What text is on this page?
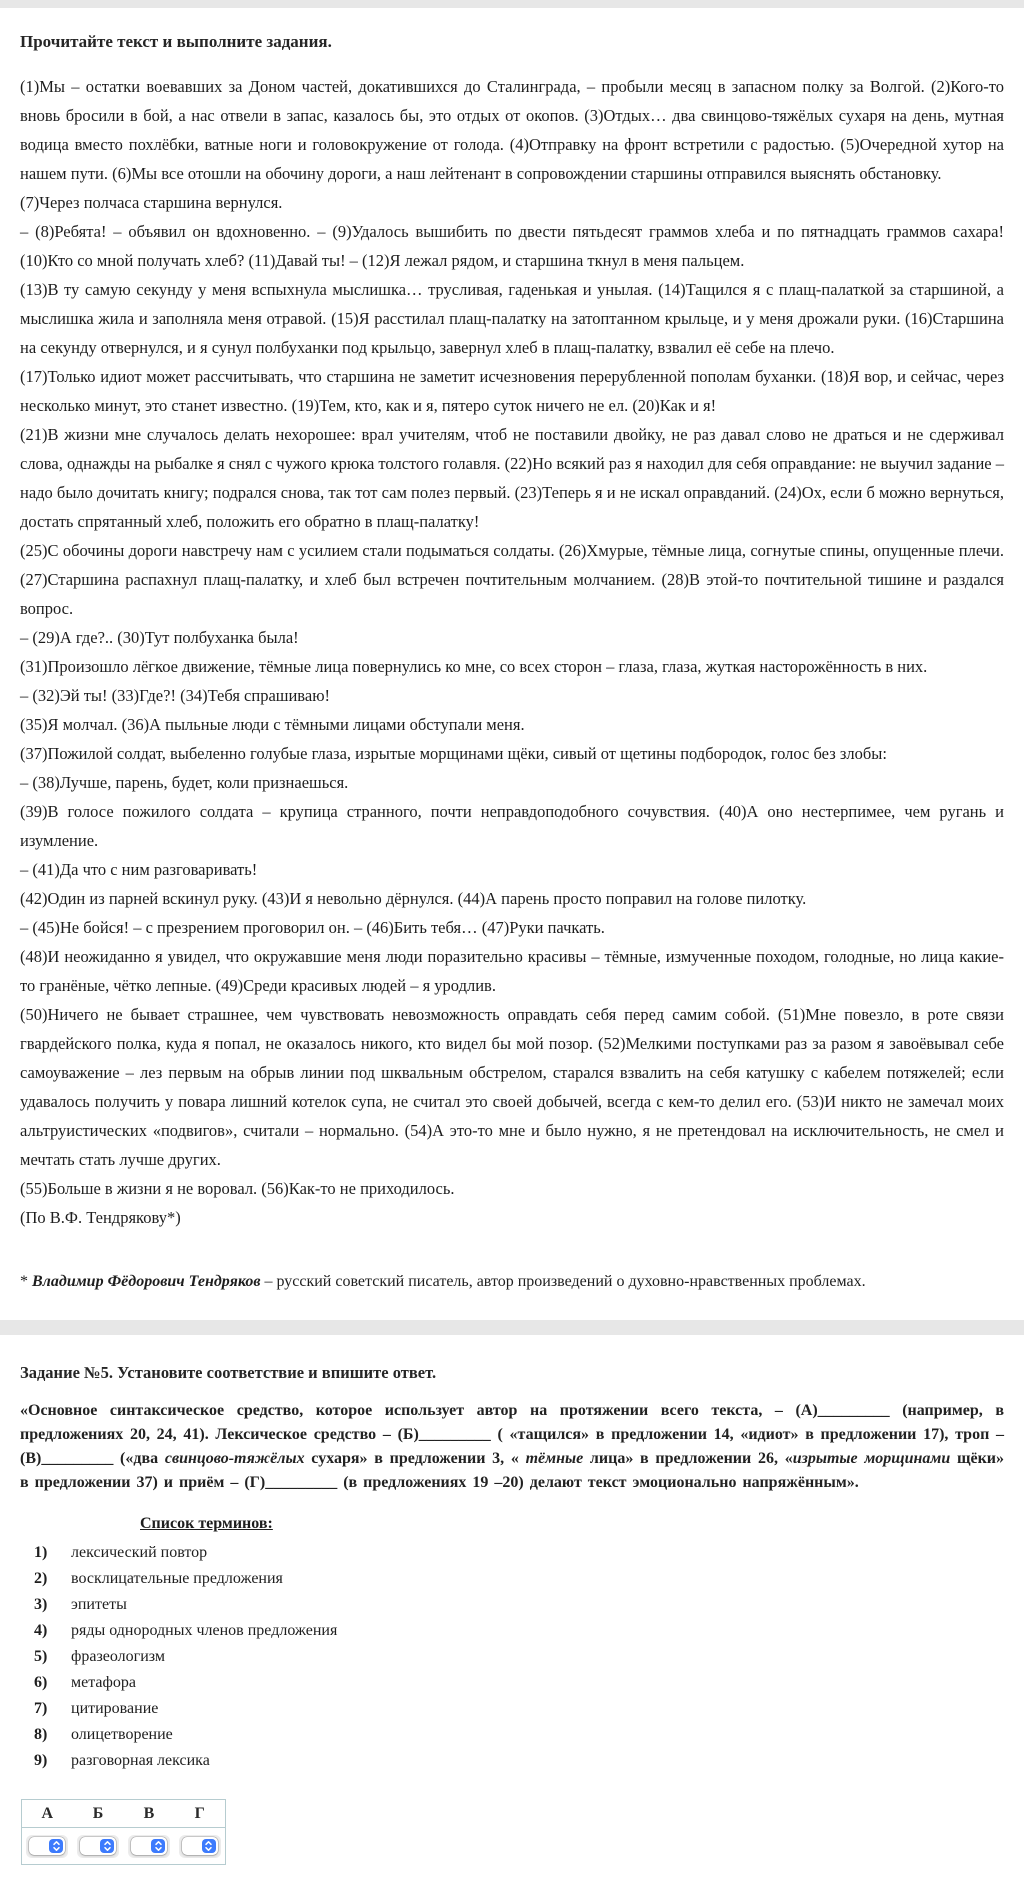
Прочитайте текст и выполните задания.

(1)Мы – остатки воевавших за Доном частей, докатившихся до Сталинграда, – пробыли месяц в запасном полку за Волгой. (2)Кого-то вновь бросили в бой, а нас отвели в запас, казалось бы, это отдых от окопов. (3)Отдых… два свинцово-тяжёлых сухаря на день, мутная водица вместо похлёбки, ватные ноги и головокружение от голода. (4)Отправку на фронт встретили с радостью. (5)Очередной хутор на нашем пути. (6)Мы все отошли на обочину дороги, а наш лейтенант в сопровождении старшины отправился выяснять обстановку.

(7)Через полчаса старшина вернулся.

– (8)Ребята! – объявил он вдохновенно. – (9)Удалось вышибить по двести пятьдесят граммов хлеба и по пятнадцать граммов сахара! (10)Кто со мной получать хлеб? (11)Давай ты! – (12)Я лежал рядом, и старшина ткнул в меня пальцем.

(13)В ту самую секунду у меня вспыхнула мыслишка… трусливая, гаденькая и унылая. (14)Тащился я с плащ-палаткой за старшиной, а мыслишка жила и заполняла меня отравой. (15)Я расстилал плащ-палатку на затоптанном крыльце, и у меня дрожали руки. (16)Старшина на секунду отвернулся, и я сунул полбуханки под крыльцо, завернул хлеб в плащ-палатку, взвалил её себе на плечо.

(17)Только идиот может рассчитывать, что старшина не заметит исчезновения перерубленной пополам буханки. (18)Я вор, и сейчас, через несколько минут, это станет известно. (19)Тем, кто, как и я, пятеро суток ничего не ел. (20)Как и я!

(21)В жизни мне случалось делать нехорошее: врал учителям, чтоб не поставили двойку, не раз давал слово не драться и не сдерживал слова, однажды на рыбалке я снял с чужого крюка толстого голавля. (22)Но всякий раз я находил для себя оправдание: не выучил задание – надо было дочитать книгу; подрался снова, так тот сам полез первый. (23)Теперь я и не искал оправданий. (24)Ох, если б можно вернуться, достать спрятанный хлеб, положить его обратно в плащ-палатку!

(25)С обочины дороги навстречу нам с усилием стали подыматься солдаты. (26)Хмурые, тёмные лица, согнутые спины, опущенные плечи. (27)Старшина распахнул плащ-палатку, и хлеб был встречен почтительным молчанием. (28)В этой-то почтительной тишине и раздался вопрос.

– (29)А где?.. (30)Тут полбуханка была!

(31)Произошло лёгкое движение, тёмные лица повернулись ко мне, со всех сторон – глаза, глаза, жуткая насторожённость в них.

– (32)Эй ты! (33)Где?! (34)Тебя спрашиваю!

(35)Я молчал. (36)А пыльные люди с тёмными лицами обступали меня.

(37)Пожилой солдат, выбеленно голубые глаза, изрытые морщинами щёки, сивый от щетины подбородок, голос без злобы:

– (38)Лучше, парень, будет, коли признаешься.

(39)В голосе пожилого солдата – крупица странного, почти неправдоподобного сочувствия. (40)А оно нестерпимее, чем ругань и изумление.

– (41)Да что с ним разговаривать!

(42)Один из парней вскинул руку. (43)И я невольно дёрнулся. (44)А парень просто поправил на голове пилотку.

– (45)Не бойся! – с презрением проговорил он. – (46)Бить тебя… (47)Руки пачкать.

(48)И неожиданно я увидел, что окружавшие меня люди поразительно красивы – тёмные, измученные походом, голодные, но лица какие-то гранёные, чётко лепные. (49)Среди красивых людей – я уродлив.

(50)Ничего не бывает страшнее, чем чувствовать невозможность оправдать себя перед самим собой. (51)Мне повезло, в роте связи гвардейского полка, куда я попал, не оказалось никого, кто видел бы мой позор. (52)Мелкими поступками раз за разом я завоёвывал себе самоуважение – лез первым на обрыв линии под шквальным обстрелом, старался взвалить на себя катушку с кабелем потяжелей; если удавалось получить у повара лишний котелок супа, не считал это своей добычей, всегда с кем-то делил его. (53)И никто не замечал моих альтруистических «подвигов», считали – нормально. (54)А это-то мне и было нужно, я не претендовал на исключительность, не смел и мечтать стать лучше других.

(55)Больше в жизни я не воровал. (56)Как-то не приходилось.

(По В.Ф. Тендрякову*)

* Владимир Фёдорович Тендряков – русский советский писатель, автор произведений о духовно-нравственных проблемах.

Задание №5. Установите соответствие и впишите ответ.

«Основное синтаксическое средство, которое использует автор на протяжении всего текста, – (А)_________ (например, в предложениях 20, 24, 41). Лексическое средство – (Б)_________ ( «тащился» в предложении 14, «идиот» в предложении 17), троп – (В)_________ («два свинцово-тяжёлых сухаря» в предложении 3, « тёмные лица» в предложении 26, «изрытые морщинами щёки» в предложении 37) и приём – (Г)_________ (в предложениях 19 –20) делают текст эмоционально напряжённым».

Список терминов:
1)	лексический повтор
2)	восклицательные предложения
3)	эпитеты
4)	ряды однородных членов предложения
5)	фразеологизм
6)	метафора
7)	цитирование
8)	олицетворение
9)	разговорная лексика
А	Б	В	Г
